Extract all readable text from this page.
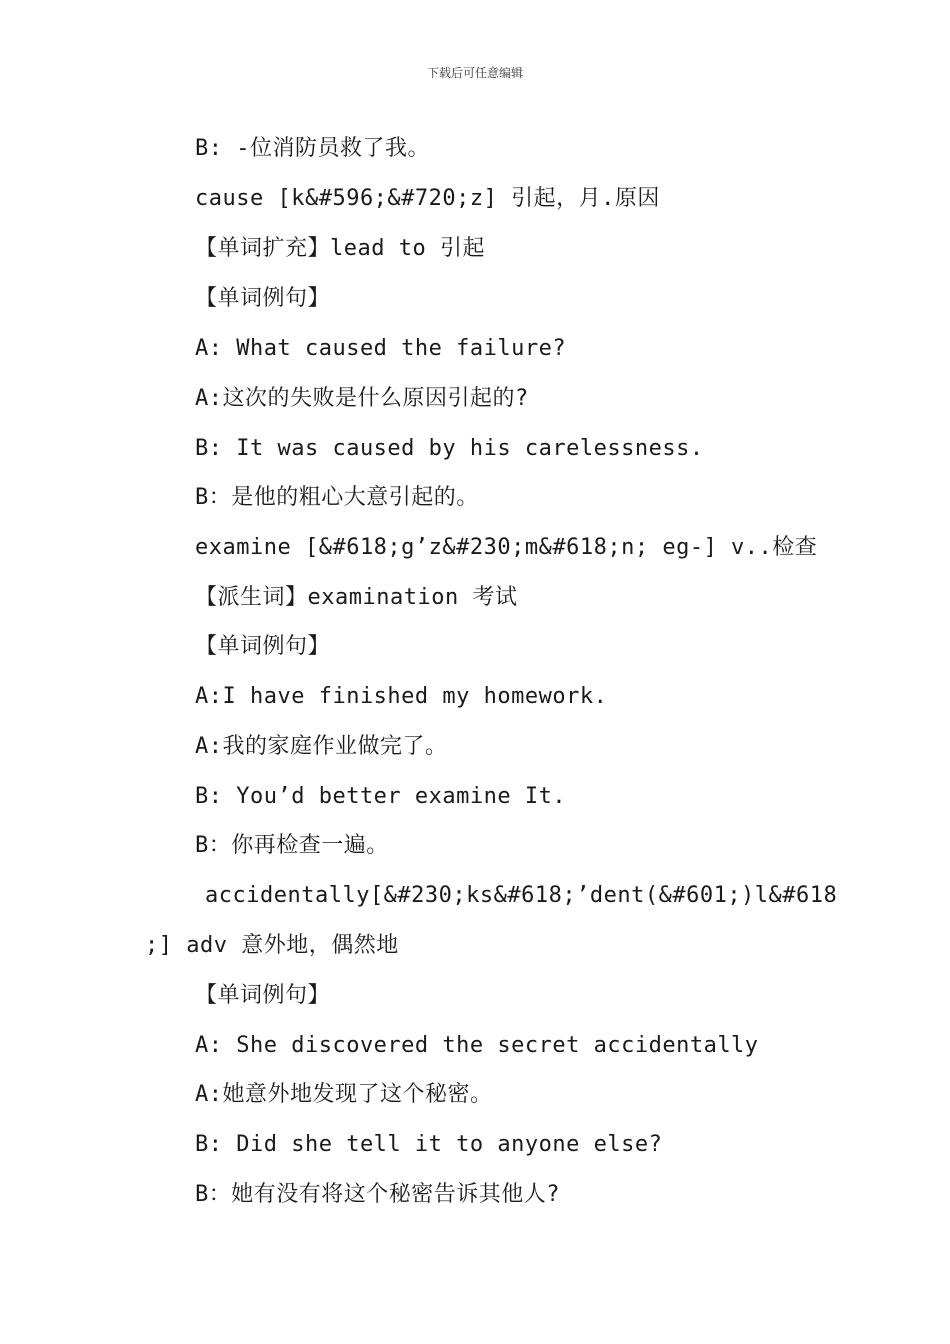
下载后可任意编辑
B: -位消防员救了我。
cause [k&#596;&#720;z] 引起，月.原因
【单词扩充】lead to 引起
【单词例句】
A: What caused the failure?
A:这次的失败是什么原因引起的?
B: It was caused by his carelessness.
B：是他的粗心大意引起的。
examine [&#618;g’z&#230;m&#618;n; eg-] v..检查
【派生词】examination 考试
【单词例句】
A:I have finished my homework.
A:我的家庭作业做完了。
B: You’d better examine It.
B：你再检查一遍。
accidentally[&#230;ks&#618;’dent(&#601;)l&#618
;] adv 意外地，偶然地
【单词例句】
A: She discovered the secret accidentally
A:她意外地发现了这个秘密。
B: Did she tell it to anyone else?
B：她有没有将这个秘密告诉其他人?
